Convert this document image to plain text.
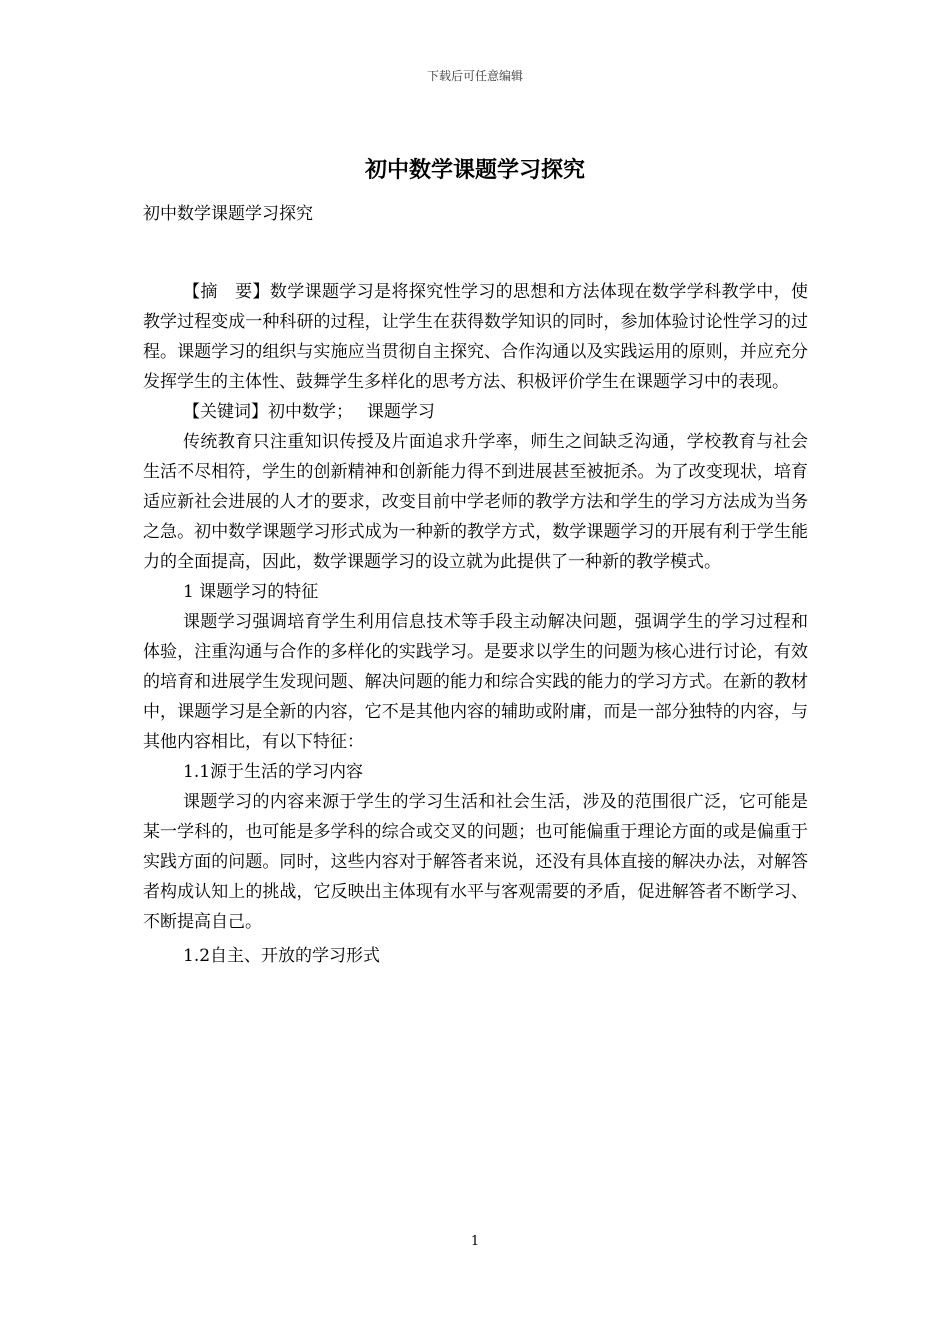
下载后可任意编辑
初中数学课题学习探究

初中数学课题学习探究

【摘　要】数学课题学习是将探究性学习的思想和方法体现在数学学科教学中，使教学过程变成一种科研的过程，让学生在获得数学知识的同时，参加体验讨论性学习的过程。课题学习的组织与实施应当贯彻自主探究、合作沟通以及实践运用的原则，并应充分发挥学生的主体性、鼓舞学生多样化的思考方法、积极评价学生在课题学习中的表现。

【关键词】初中数学；　 课题学习

传统教育只注重知识传授及片面追求升学率，师生之间缺乏沟通，学校教育与社会生活不尽相符，学生的创新精神和创新能力得不到进展甚至被扼杀。为了改变现状，培育适应新社会进展的人才的要求，改变目前中学老师的教学方法和学生的学习方法成为当务之急。初中数学课题学习形式成为一种新的教学方式，数学课题学习的开展有利于学生能力的全面提高，因此，数学课题学习的设立就为此提供了一种新的教学模式。

1 课题学习的特征

课题学习强调培育学生利用信息技术等手段主动解决问题，强调学生的学习过程和体验，注重沟通与合作的多样化的实践学习。是要求以学生的问题为核心进行讨论，有效的培育和进展学生发现问题、解决问题的能力和综合实践的能力的学习方式。在新的教材中，课题学习是全新的内容，它不是其他内容的辅助或附庸，而是一部分独特的内容，与其他内容相比，有以下特征：

1.1源于生活的学习内容

课题学习的内容来源于学生的学习生活和社会生活，涉及的范围很广泛，它可能是某一学科的，也可能是多学科的综合或交叉的问题；也可能偏重于理论方面的或是偏重于实践方面的问题。同时，这些内容对于解答者来说，还没有具体直接的解决办法，对解答者构成认知上的挑战，它反映出主体现有水平与客观需要的矛盾，促进解答者不断学习、不断提高自己。

1.2自主、开放的学习形式

1
